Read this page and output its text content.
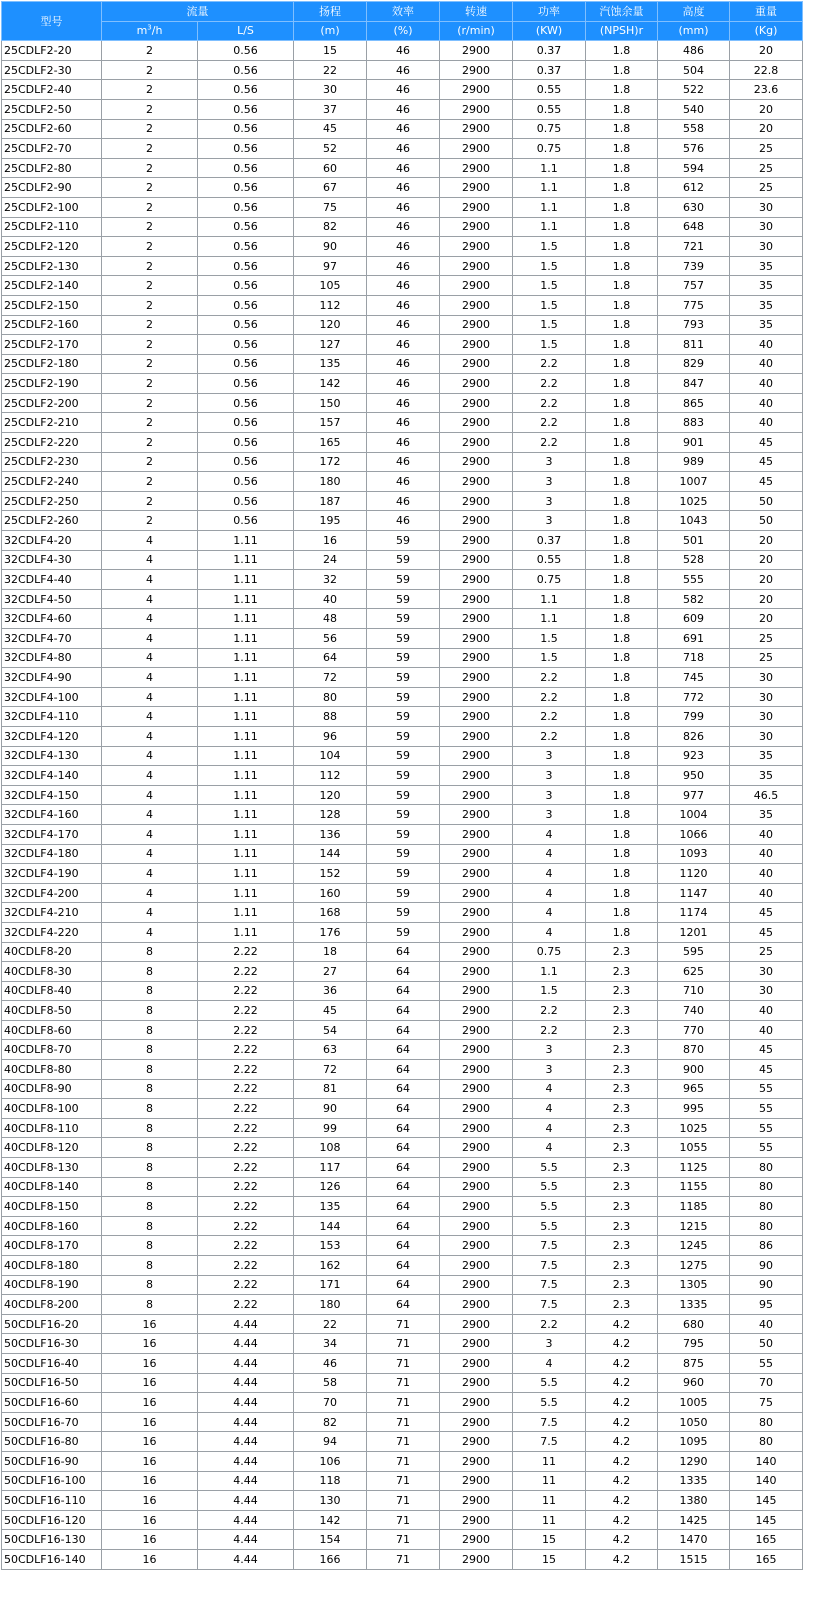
型号	流量		扬程	效率	转速	功率	汽蚀余量	高度	重量
	$m^3/h$	L/S	(m)	(%)	(r/min)	(KW)	(NPSH)r	(mm)	(Kg)
25CDLF2-20	2	0.56	15	46	2900	0.37	1.8	486	20
25CDLF2-30	2	0.56	22	46	2900	0.37	1.8	504	22.8
25CDLF2-40	2	0.56	30	46	2900	0.55	1.8	522	23.6
25CDLF2-50	2	0.56	37	46	2900	0.55	1.8	540	20
25CDLF2-60	2	0.56	45	46	2900	0.75	1.8	558	20
25CDLF2-70	2	0.56	52	46	2900	0.75	1.8	576	25
25CDLF2-80	2	0.56	60	46	2900	1.1	1.8	594	25
25CDLF2-90	2	0.56	67	46	2900	1.1	1.8	612	25
25CDLF2-100	2	0.56	75	46	2900	1.1	1.8	630	30
25CDLF2-110	2	0.56	82	46	2900	1.1	1.8	648	30
25CDLF2-120	2	0.56	90	46	2900	1.5	1.8	721	30
25CDLF2-130	2	0.56	97	46	2900	1.5	1.8	739	35
25CDLF2-140	2	0.56	105	46	2900	1.5	1.8	757	35
25CDLF2-150	2	0.56	112	46	2900	1.5	1.8	775	35
25CDLF2-160	2	0.56	120	46	2900	1.5	1.8	793	35
25CDLF2-170	2	0.56	127	46	2900	1.5	1.8	811	40
25CDLF2-180	2	0.56	135	46	2900	2.2	1.8	829	40
25CDLF2-190	2	0.56	142	46	2900	2.2	1.8	847	40
25CDLF2-200	2	0.56	150	46	2900	2.2	1.8	865	40
25CDLF2-210	2	0.56	157	46	2900	2.2	1.8	883	40
25CDLF2-220	2	0.56	165	46	2900	2.2	1.8	901	45
25CDLF2-230	2	0.56	172	46	2900	3	1.8	989	45
25CDLF2-240	2	0.56	180	46	2900	3	1.8	1007	45
25CDLF2-250	2	0.56	187	46	2900	3	1.8	1025	50
25CDLF2-260	2	0.56	195	46	2900	3	1.8	1043	50
32CDLF4-20	4	1.11	16	59	2900	0.37	1.8	501	20
32CDLF4-30	4	1.11	24	59	2900	0.55	1.8	528	20
32CDLF4-40	4	1.11	32	59	2900	0.75	1.8	555	20
32CDLF4-50	4	1.11	40	59	2900	1.1	1.8	582	20
32CDLF4-60	4	1.11	48	59	2900	1.1	1.8	609	20
32CDLF4-70	4	1.11	56	59	2900	1.5	1.8	691	25
32CDLF4-80	4	1.11	64	59	2900	1.5	1.8	718	25
32CDLF4-90	4	1.11	72	59	2900	2.2	1.8	745	30
32CDLF4-100	4	1.11	80	59	2900	2.2	1.8	772	30
32CDLF4-110	4	1.11	88	59	2900	2.2	1.8	799	30
32CDLF4-120	4	1.11	96	59	2900	2.2	1.8	826	30
32CDLF4-130	4	1.11	104	59	2900	3	1.8	923	35
32CDLF4-140	4	1.11	112	59	2900	3	1.8	950	35
32CDLF4-150	4	1.11	120	59	2900	3	1.8	977	46.5
32CDLF4-160	4	1.11	128	59	2900	3	1.8	1004	35
32CDLF4-170	4	1.11	136	59	2900	4	1.8	1066	40
32CDLF4-180	4	1.11	144	59	2900	4	1.8	1093	40
32CDLF4-190	4	1.11	152	59	2900	4	1.8	1120	40
32CDLF4-200	4	1.11	160	59	2900	4	1.8	1147	40
32CDLF4-210	4	1.11	168	59	2900	4	1.8	1174	45
32CDLF4-220	4	1.11	176	59	2900	4	1.8	1201	45
40CDLF8-20	8	2.22	18	64	2900	0.75	2.3	595	25
40CDLF8-30	8	2.22	27	64	2900	1.1	2.3	625	30
40CDLF8-40	8	2.22	36	64	2900	1.5	2.3	710	30
40CDLF8-50	8	2.22	45	64	2900	2.2	2.3	740	40
40CDLF8-60	8	2.22	54	64	2900	2.2	2.3	770	40
40CDLF8-70	8	2.22	63	64	2900	3	2.3	870	45
40CDLF8-80	8	2.22	72	64	2900	3	2.3	900	45
40CDLF8-90	8	2.22	81	64	2900	4	2.3	965	55
40CDLF8-100	8	2.22	90	64	2900	4	2.3	995	55
40CDLF8-110	8	2.22	99	64	2900	4	2.3	1025	55
40CDLF8-120	8	2.22	108	64	2900	4	2.3	1055	55
40CDLF8-130	8	2.22	117	64	2900	5.5	2.3	1125	80
40CDLF8-140	8	2.22	126	64	2900	5.5	2.3	1155	80
40CDLF8-150	8	2.22	135	64	2900	5.5	2.3	1185	80
40CDLF8-160	8	2.22	144	64	2900	5.5	2.3	1215	80
40CDLF8-170	8	2.22	153	64	2900	7.5	2.3	1245	86
40CDLF8-180	8	2.22	162	64	2900	7.5	2.3	1275	90
40CDLF8-190	8	2.22	171	64	2900	7.5	2.3	1305	90
40CDLF8-200	8	2.22	180	64	2900	7.5	2.3	1335	95
50CDLF16-20	16	4.44	22	71	2900	2.2	4.2	680	40
50CDLF16-30	16	4.44	34	71	2900	3	4.2	795	50
50CDLF16-40	16	4.44	46	71	2900	4	4.2	875	55
50CDLF16-50	16	4.44	58	71	2900	5.5	4.2	960	70
50CDLF16-60	16	4.44	70	71	2900	5.5	4.2	1005	75
50CDLF16-70	16	4.44	82	71	2900	7.5	4.2	1050	80
50CDLF16-80	16	4.44	94	71	2900	7.5	4.2	1095	80
50CDLF16-90	16	4.44	106	71	2900	11	4.2	1290	140
50CDLF16-100	16	4.44	118	71	2900	11	4.2	1335	140
50CDLF16-110	16	4.44	130	71	2900	11	4.2	1380	145
50CDLF16-120	16	4.44	142	71	2900	11	4.2	1425	145
50CDLF16-130	16	4.44	154	71	2900	15	4.2	1470	165
50CDLF16-140	16	4.44	166	71	2900	15	4.2	1515	165
